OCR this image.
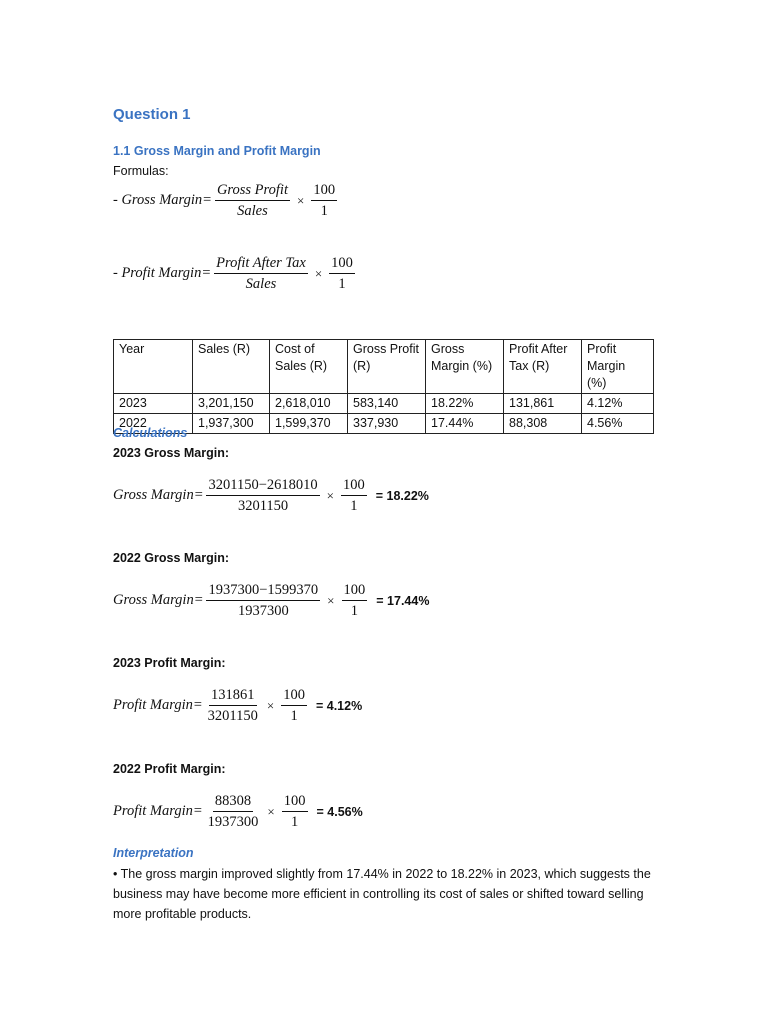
Question 1
1.1 Gross Margin and Profit Margin
Formulas:
- Gross Margin= $\frac{\text{Gross Profit}}{\text{Sales}} \times \frac{100}{1}$
- Profit Margin= $\frac{\text{Profit After Tax}}{\text{Sales}} \times \frac{100}{1}$
Year	Sales (R)	Cost of Sales (R)	Gross Profit (R)	Gross Margin (%)	Profit After Tax (R)	Profit Margin (%)
2023	3,201,150	2,618,010	583,140	18.22%	131,861	4.12%
2022	1,937,300	1,599,370	337,930	17.44%	88,308	4.56%
Calculations
2023 Gross Margin:
Gross Margin= $\frac{3201150-2618010}{3201150} \times \frac{100}{1} = 18.22\%$
2022 Gross Margin:
Gross Margin= $\frac{1937300-1599370}{1937300} \times \frac{100}{1} = 17.44\%$
2023 Profit Margin:
Profit Margin= $\frac{131861}{3201150} \times \frac{100}{1} = 4.12\%$
2022 Profit Margin:
Profit Margin= $\frac{88308}{1937300} \times \frac{100}{1} = 4.56\%$
Interpretation
• The gross margin improved slightly from 17.44% in 2022 to 18.22% in 2023, which suggests the business may have become more efficient in controlling its cost of sales or shifted toward selling more profitable products.
